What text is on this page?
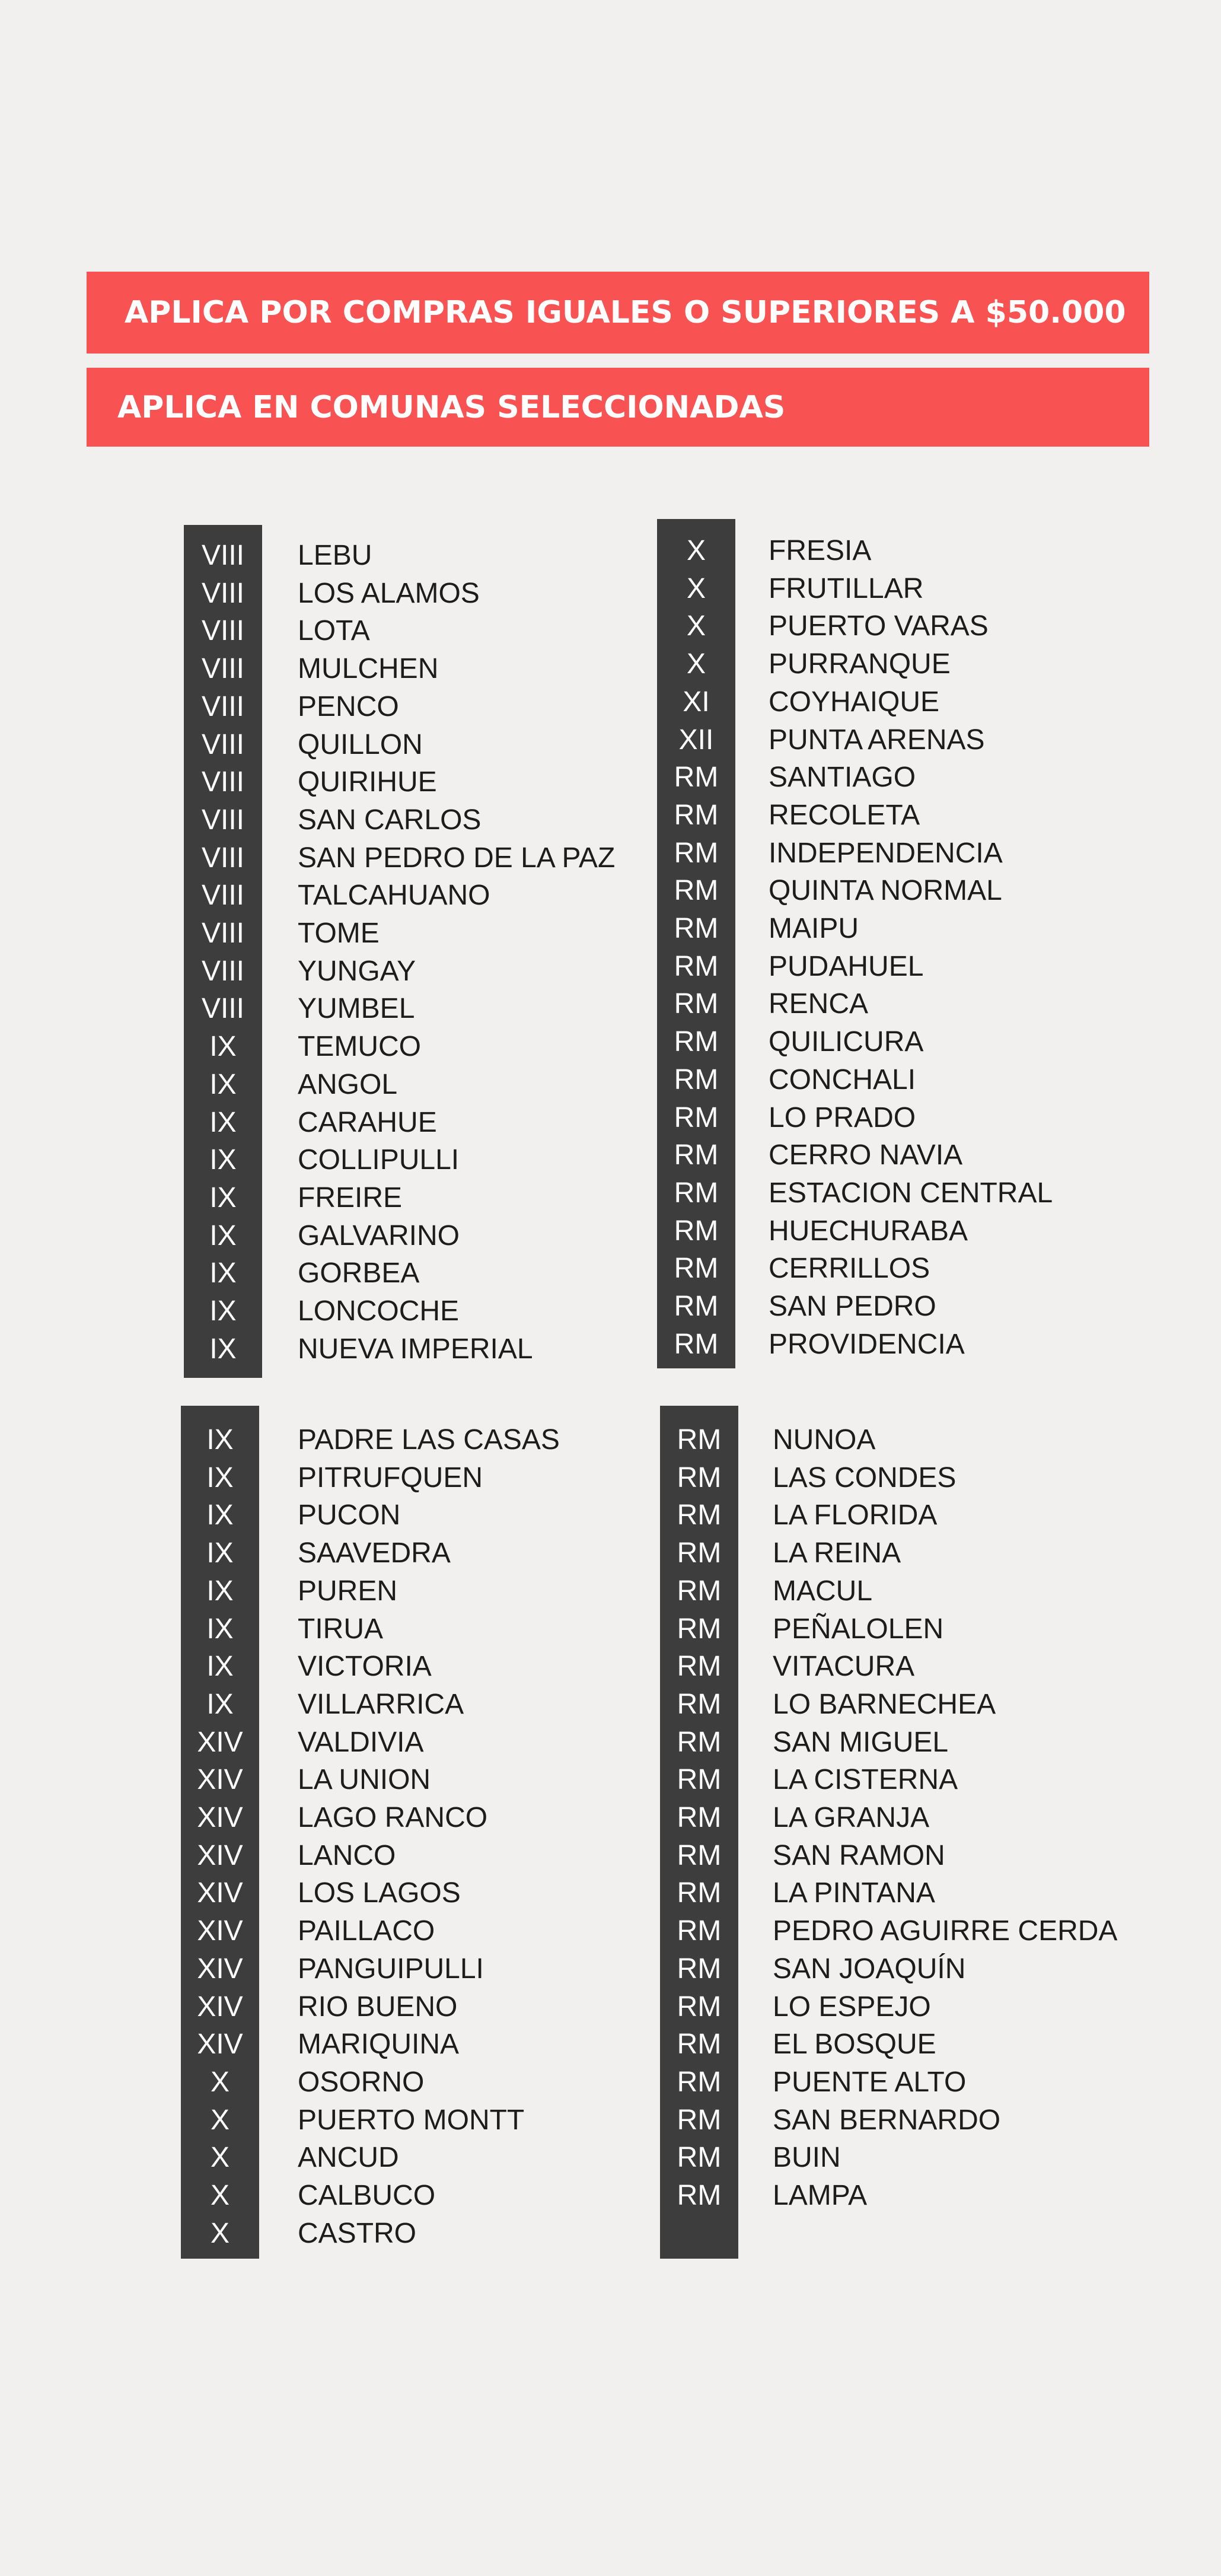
APLICA POR COMPRAS IGUALES O SUPERIORES A $50.000
APLICA EN COMUNAS SELECCIONADAS
VIII	LEBU
VIII	LOS ALAMOS
VIII	LOTA
VIII	MULCHEN
VIII	PENCO
VIII	QUILLON
VIII	QUIRIHUE
VIII	SAN CARLOS
VIII	SAN PEDRO DE LA PAZ
VIII	TALCAHUANO
VIII	TOME
VIII	YUNGAY
VIII	YUMBEL
IX	TEMUCO
IX	ANGOL
IX	CARAHUE
IX	COLLIPULLI
IX	FREIRE
IX	GALVARINO
IX	GORBEA
IX	LONCOCHE
IX	NUEVA IMPERIAL
X	FRESIA
X	FRUTILLAR
X	PUERTO VARAS
X	PURRANQUE
XI	COYHAIQUE
XII	PUNTA ARENAS
RM	SANTIAGO
RM	RECOLETA
RM	INDEPENDENCIA
RM	QUINTA NORMAL
RM	MAIPU
RM	PUDAHUEL
RM	RENCA
RM	QUILICURA
RM	CONCHALI
RM	LO PRADO
RM	CERRO NAVIA
RM	ESTACION CENTRAL
RM	HUECHURABA
RM	CERRILLOS
RM	SAN PEDRO
RM	PROVIDENCIA
IX	PADRE LAS CASAS
IX	PITRUFQUEN
IX	PUCON
IX	SAAVEDRA
IX	PUREN
IX	TIRUA
IX	VICTORIA
IX	VILLARRICA
XIV	VALDIVIA
XIV	LA UNION
XIV	LAGO RANCO
XIV	LANCO
XIV	LOS LAGOS
XIV	PAILLACO
XIV	PANGUIPULLI
XIV	RIO BUENO
XIV	MARIQUINA
X	OSORNO
X	PUERTO MONTT
X	ANCUD
X	CALBUCO
X	CASTRO
RM	NUNOA
RM	LAS CONDES
RM	LA FLORIDA
RM	LA REINA
RM	MACUL
RM	PEÑALOLEN
RM	VITACURA
RM	LO BARNECHEA
RM	SAN MIGUEL
RM	LA CISTERNA
RM	LA GRANJA
RM	SAN RAMON
RM	LA PINTANA
RM	PEDRO AGUIRRE CERDA
RM	SAN JOAQUÍN
RM	LO ESPEJO
RM	EL BOSQUE
RM	PUENTE ALTO
RM	SAN BERNARDO
RM	BUIN
RM	LAMPA
